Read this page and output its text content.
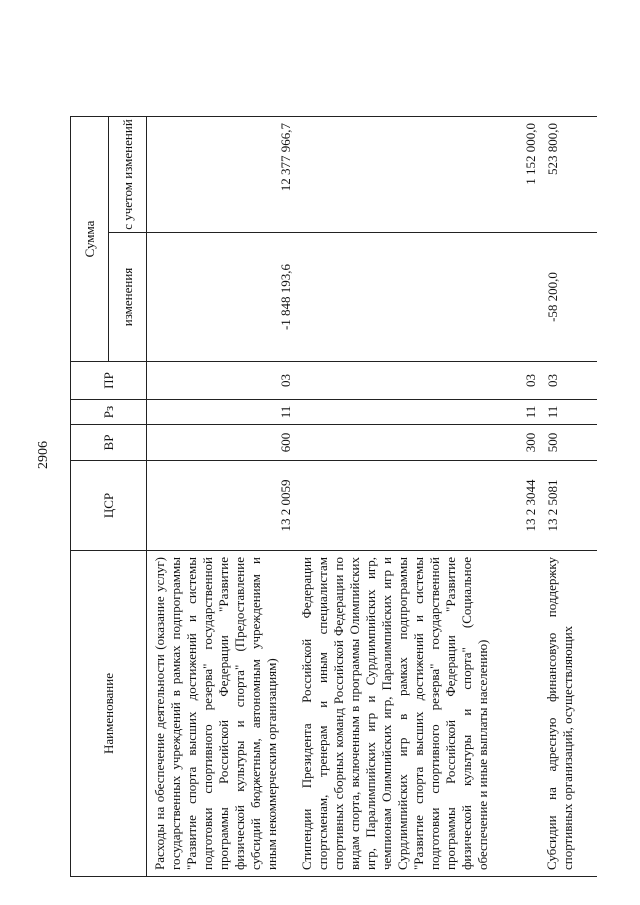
2906
Наименование	ЦСР	ВР	Рз	ПР	Сумма	
					изменения	с учетом изменений
Расходы на обеспечение деятельности (оказание услуг) государственных учреждений в рамках подпрограммы "Развитие спорта высших достижений и системы подготовки спортивного резерва" государственной программы Российской Федерации "Развитие физической культуры и спорта" (Предоставление субсидий бюджетным, автономным учреждениям и иным некоммерческим организациям)	13 2 0059	600	11	03	-1 848 193,6	12 377 966,7
Стипендии Президента Российской Федерации спортсменам, тренерам и иным специалистам спортивных сборных команд Российской Федерации по видам спорта, включенным в программы Олимпийских игр, Паралимпийских игр и Сурдлимпийских игр, чемпионам Олимпийских игр, Паралимпийских игр и Сурдлимпийских игр в рамках подпрограммы "Развитие спорта высших достижений и системы подготовки спортивного резерва" государственной программы Российской Федерации "Развитие физической культуры и спорта" (Социальное обеспечение и иные выплаты населению)	13 2 3044	300	11	03		1 152 000,0
Субсидии на адресную финансовую поддержку спортивных организаций, осуществляющих	13 2 5081	500	11	03	-58 200,0	523 800,0
